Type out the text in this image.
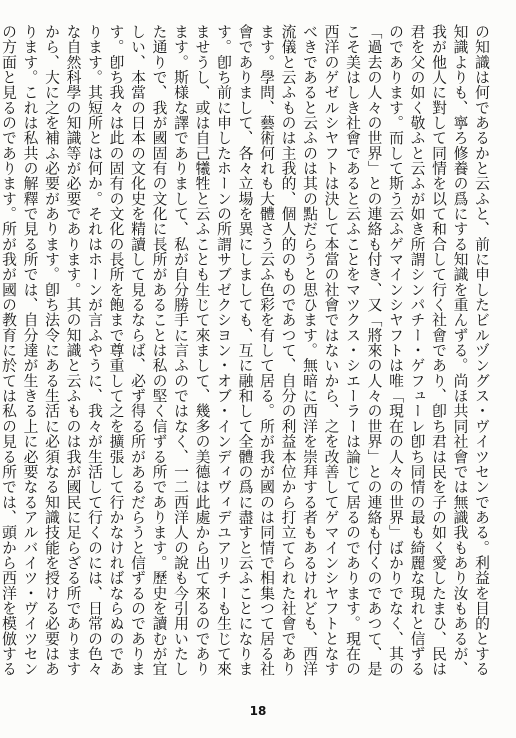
の知識は何であるかと云ふと、前に申したビルヅングス・ヴイツセンである。利益を目的とする知識よりも、寧ろ修養の爲にする知識を重んずる。尚ほ共同社會では無識我もあり汝もあるが、我が他人に對して同情を以て和合して行く社會であり、卽ち君は民を子の如く愛したまひ、民は君を父の如く敬ふと云ふが如き所謂シンパチー・ゲフューレ卽ち同情の最も綺麗な現れと信ずるのであります。而して斯う云ふゲマインシヤフトは唯「現在の人々の世界」ばかりでなく、其の「過去の人々の世界」との連絡も付き、又「將來の人々の世界」との連絡も付くのであつて、是こそ美はしき社會であると云ふことをマツクス・シエーラーは論じて居るのであります。現在の西洋のゲゼルシヤフトは決して本當の社會ではないから、之を改善してゲマインシヤフトとなすべきであると云ふのは其の點だらうと思ひます。無暗に西洋を崇拜する者もあるけれども、西洋流儀と云ふものは主我的、個人的のものであつて、自分の利益本位から打立てられた社會であります。學問、藝術何れも大體さう云ふ色彩を有して居る。所が我が國のは同情で相集つて居る社會でありまして、各々立場を異にしましても、互に融和して全體の爲に盡すと云ふことになります。卽ち前に申したホーンの所謂サブゼクシヨン・オブ・インディヴィデユアリチーも生じて來ませうし、或は自己犧牲と云ふことも生じて來まして、幾多の美德は此處から出て來るのであります。斯様な譯でありまして、私が自分勝手に言ふのではなく、一二西洋人の說も今引用いたした通りで、我が國固有の文化に長所があることは私の堅く信ずる所であります。歷史を讀むが宜しい、本當の日本の文化史を精讀して見るならば、必ず得る所があるだらうと信ずるのであります。卽ち我々は此の固有の文化の長所を飽まで尊重して之を擴張して行かなければならぬのであります。其短所とは何か。それはホーンが言ふやうに、我々が生活して行くのには、日常の色々な自然科學の知識等が必要であります。其の知識と云ふものは我が國民に足らざる所でありますから、大に之を補ふ必要があります。卽ち法令にある生活に必須なる知識技能を授ける必要はあります。これは私共の解釋で見る所では、自分達が生きる上に必要なるアルバイツ・ヴイツセンの方面と見るのであります。所が我が國の教育に於ては私の見る所では、頭から西洋を模倣する
18
